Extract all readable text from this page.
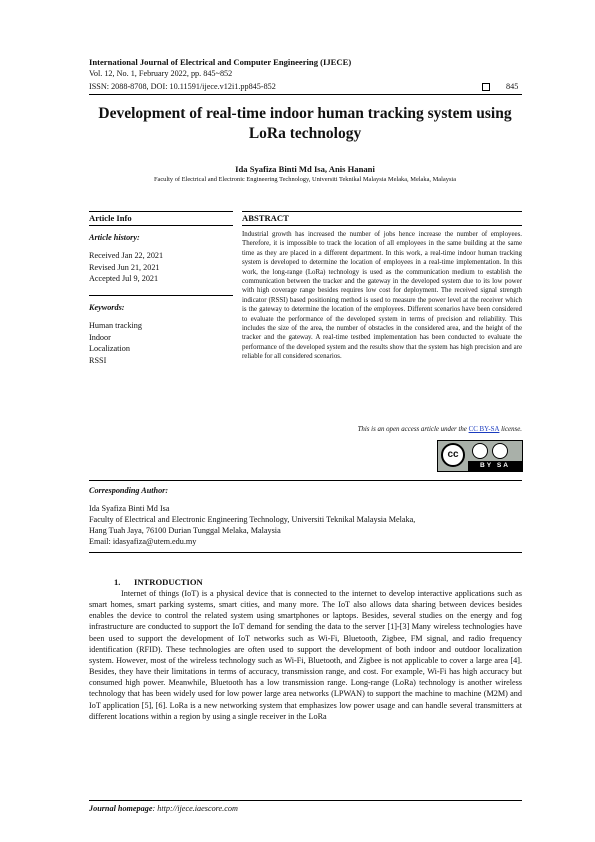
International Journal of Electrical and Computer Engineering (IJECE)
Vol. 12, No. 1, February 2022, pp. 845~852
ISSN: 2088-8708, DOI: 10.11591/ijece.v12i1.pp845-852	845
Development of real-time indoor human tracking system using
LoRa technology
Ida Syafiza Binti Md Isa, Anis Hanani
Faculty of Electrical and Electronic Engineering Technology, Universiti Teknikal Malaysia Melaka, Melaka, Malaysia
Article Info
Article history:
Received Jan 22, 2021
Revised Jun 21, 2021
Accepted Jul 9, 2021
Keywords:
Human tracking
Indoor
Localization
RSSI
ABSTRACT
Industrial growth has increased the number of jobs hence increase the number of employees. Therefore, it is impossible to track the location of all employees in the same building at the same time as they are placed in a different department. In this work, a real-time indoor human tracking system is developed to determine the location of employees in a real-time implementation. In this work, the long-range (LoRa) technology is used as the communication medium to establish the communication between the tracker and the gateway in the developed system due to its low power with high coverage range besides requires low cost for deployment. The received signal strength indicator (RSSI) based positioning method is used to measure the power level at the receiver which is the gateway to determine the location of the employees. Different scenarios have been considered to evaluate the performance of the developed system in terms of precision and reliability. This includes the size of the area, the number of obstacles in the considered area, and the height of the tracker and the gateway. A real-time testbed implementation has been conducted to evaluate the performance of the developed system and the results show that the system has high precision and are reliable for all considered scenarios.
This is an open access article under the CC BY-SA license.
cc
BY SA
Corresponding Author:
Ida Syafiza Binti Md Isa
Faculty of Electrical and Electronic Engineering Technology, Universiti Teknikal Malaysia Melaka,
Hang Tuah Jaya, 76100 Durian Tunggal Melaka, Malaysia
Email: idasyafiza@utem.edu.my
1. INTRODUCTION
Internet of things (IoT) is a physical device that is connected to the internet to develop interactive applications such as smart homes, smart parking systems, smart cities, and many more. The IoT also allows data sharing between devices besides enables the device to control the related system using smartphones or laptops. Besides, several studies on the energy and fog infrastructure are conducted to support the IoT demand for sending the data to the server [1]-[3] Many wireless technologies have been used to support the development of IoT networks such as Wi-Fi, Bluetooth, Zigbee, FM signal, and radio frequency identification (RFID). These technologies are often used to support the development of both indoor and outdoor localization system. However, most of the wireless technology such as Wi-Fi, Bluetooth, and Zigbee is not applicable to cover a large area [4]. Besides, they have their limitations in terms of accuracy, transmission range, and cost. For example, Wi-Fi has high accuracy but consumed high power. Meanwhile, Bluetooth has a low transmission range. Long-range (LoRa) technology is another wireless technology that has been widely used for low power large area networks (LPWAN) to support the machine to machine (M2M) and IoT application [5], [6]. LoRa is a new networking system that emphasizes low power usage and can handle several transmitters at different locations within a region by using a single receiver in the LoRa
Journal homepage: http://ijece.iaescore.com
